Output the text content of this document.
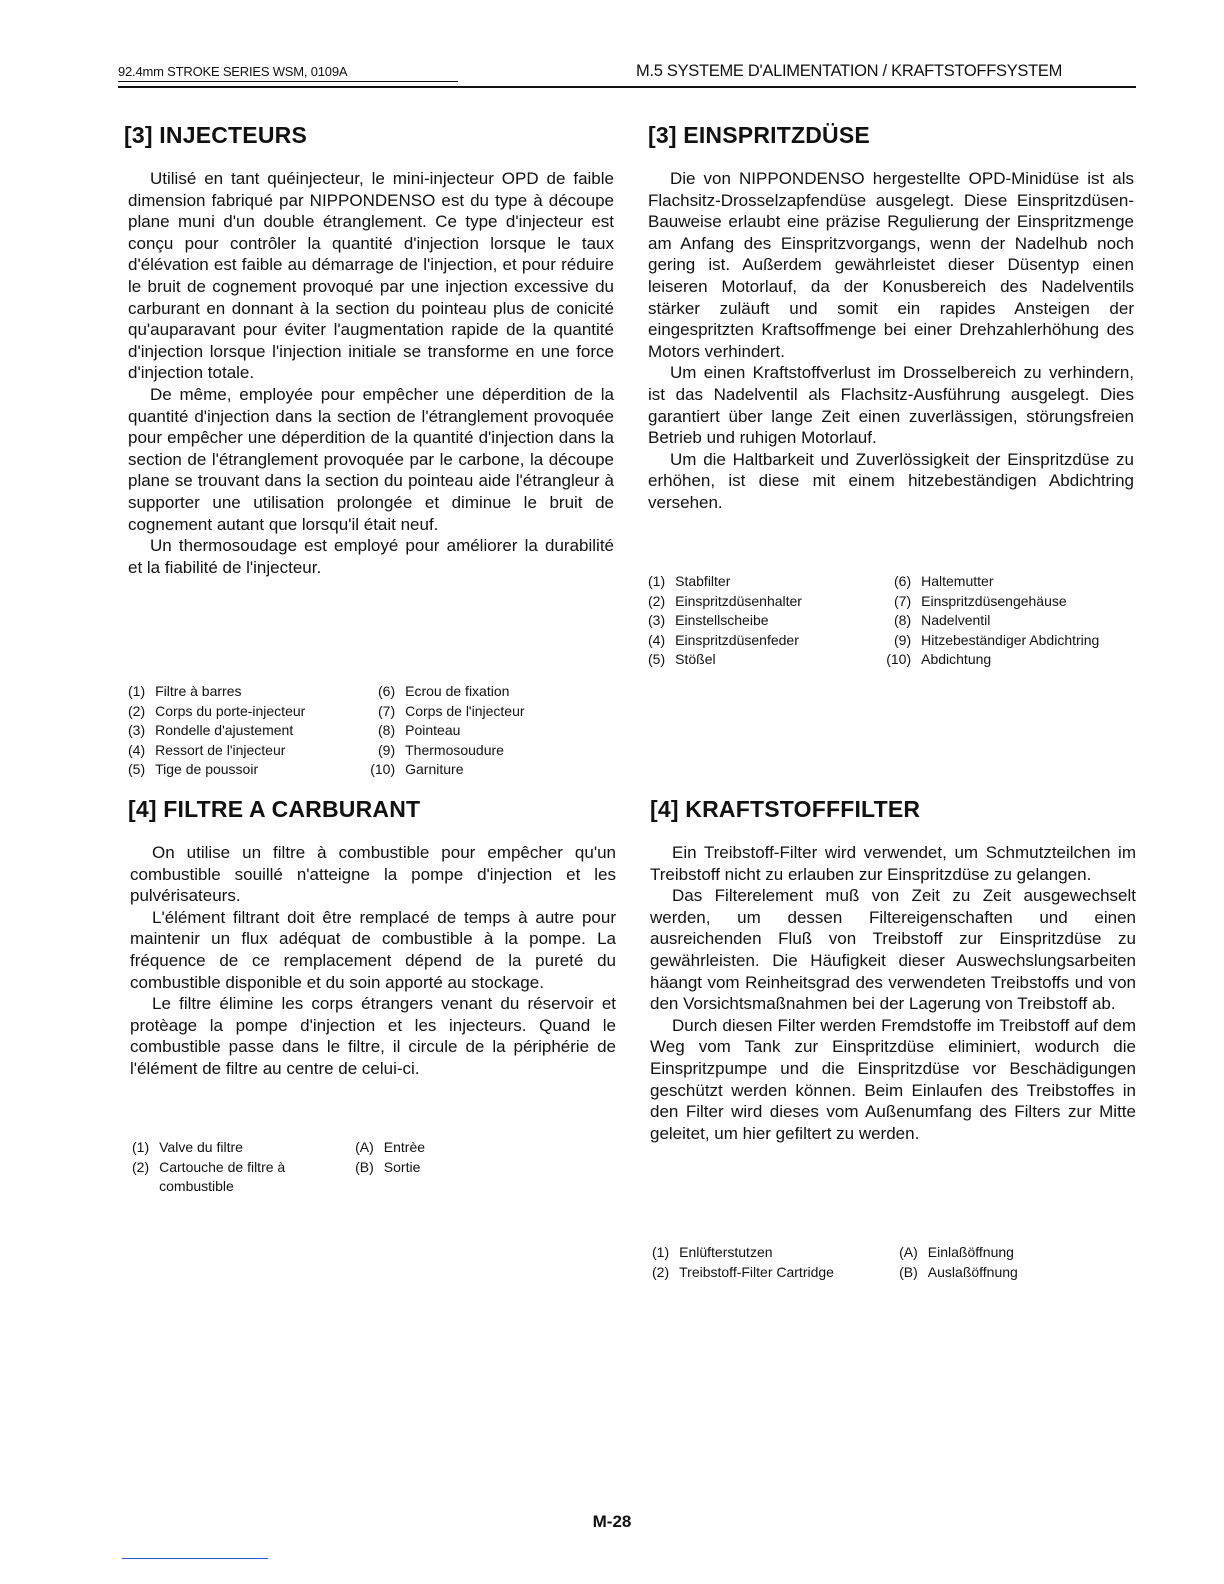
92.4mm STROKE SERIES WSM, 0109A	M.5 SYSTEME D'ALIMENTATION / KRAFTSTOFFSYSTEM
[3] INJECTEURS

Utilisé en tant quéinjecteur, le mini-injecteur OPD de faible dimension fabriqué par NIPPONDENSO est du type à découpe plane muni d'un double étranglement. Ce type d'injecteur est conçu pour contrôler la quantité d'injection lorsque le taux d'élévation est faible au démarrage de l'injection, et pour réduire le bruit de cognement provoqué par une injection excessive du carburant en donnant à la section du pointeau plus de conicité qu'auparavant pour éviter l'augmentation rapide de la quantité d'injection lorsque l'injection initiale se transforme en une force d'injection totale.

De même, employée pour empêcher une déperdition de la quantité d'injection dans la section de l'étranglement provoquée pour empêcher une déperdition de la quantité d'injection dans la section de l'étranglement provoquée par le carbone, la découpe plane se trouvant dans la section du pointeau aide l'étrangleur à supporter une utilisation prolongée et diminue le bruit de cognement autant que lorsqu'il était neuf.

Un thermosoudage est employé pour améliorer la durabilité et la fiabilité de l'injecteur.

(1)	Filtre à barres	(6)	Ecrou de fixation
(2)	Corps du porte-injecteur	(7)	Corps de l'injecteur
(3)	Rondelle d'ajustement	(8)	Pointeau
(4)	Ressort de l'injecteur	(9)	Thermosoudure
(5)	Tige de poussoir	(10)	Garniture
[3] EINSPRITZDÜSE

Die von NIPPONDENSO hergestellte OPD-Minidüse ist als Flachsitz-Drosselzapfendüse ausgelegt. Diese Einspritzdüsen-Bauweise erlaubt eine präzise Regulierung der Einspritzmenge am Anfang des Einspritzvorgangs, wenn der Nadelhub noch gering ist. Außerdem gewährleistet dieser Düsentyp einen leiseren Motorlauf, da der Konusbereich des Nadelventils stärker zuläuft und somit ein rapides Ansteigen der eingespritzten Kraftsoffmenge bei einer Drehzahlerhöhung des Motors verhindert.

Um einen Kraftstoffverlust im Drosselbereich zu verhindern, ist das Nadelventil als Flachsitz-Ausführung ausgelegt. Dies garantiert über lange Zeit einen zuverlässigen, störungsfreien Betrieb und ruhigen Motorlauf.

Um die Haltbarkeit und Zuverlössigkeit der Einspritzdüse zu erhöhen, ist diese mit einem hitzebeständigen Abdichtring versehen.

(1)	Stabfilter	(6)	Haltemutter
(2)	Einspritzdüsenhalter	(7)	Einspritzdüsengehäuse
(3)	Einstellscheibe	(8)	Nadelventil
(4)	Einspritzdüsenfeder	(9)	Hitzebeständiger Abdichtring
(5)	Stößel	(10)	Abdichtung
[4] FILTRE A CARBURANT

On utilise un filtre à combustible pour empêcher qu'un combustible souillé n'atteigne la pompe d'injection et les pulvérisateurs.

L'élément filtrant doit être remplacé de temps à autre pour maintenir un flux adéquat de combustible à la pompe. La fréquence de ce remplacement dépend de la pureté du combustible disponible et du soin apporté au stockage.

Le filtre élimine les corps étrangers venant du réservoir et protèage la pompe d'injection et les injecteurs. Quand le combustible passe dans le filtre, il circule de la périphérie de l'élément de filtre au centre de celui-ci.

(1)	Valve du filtre	(A)	Entrèe
(2)	Cartouche de filtre à combustible	(B)	Sortie
[4] KRAFTSTOFFFILTER

Ein Treibstoff-Filter wird verwendet, um Schmutzteilchen im Treibstoff nicht zu erlauben zur Einspritzdüse zu gelangen.

Das Filterelement muß von Zeit zu Zeit ausgewechselt werden, um dessen Filtereigenschaften und einen ausreichenden Fluß von Treibstoff zur Einspritzdüse zu gewährleisten. Die Häufigkeit dieser Auswechslungsarbeiten häangt vom Reinheitsgrad des verwendeten Treibstoffs und von den Vorsichtsmaßnahmen bei der Lagerung von Treibstoff ab.

Durch diesen Filter werden Fremdstoffe im Treibstoff auf dem Weg vom Tank zur Einspritzdüse eliminiert, wodurch die Einspritzpumpe und die Einspritzdüse vor Beschädigungen geschützt werden können. Beim Einlaufen des Treibstoffes in den Filter wird dieses vom Außenumfang des Filters zur Mitte geleitet, um hier gefiltert zu werden.

(1)	Enlüfterstutzen	(A)	Einlaßöffnung
(2)	Treibstoff-Filter Cartridge	(B)	Auslaßöffnung
M-28
